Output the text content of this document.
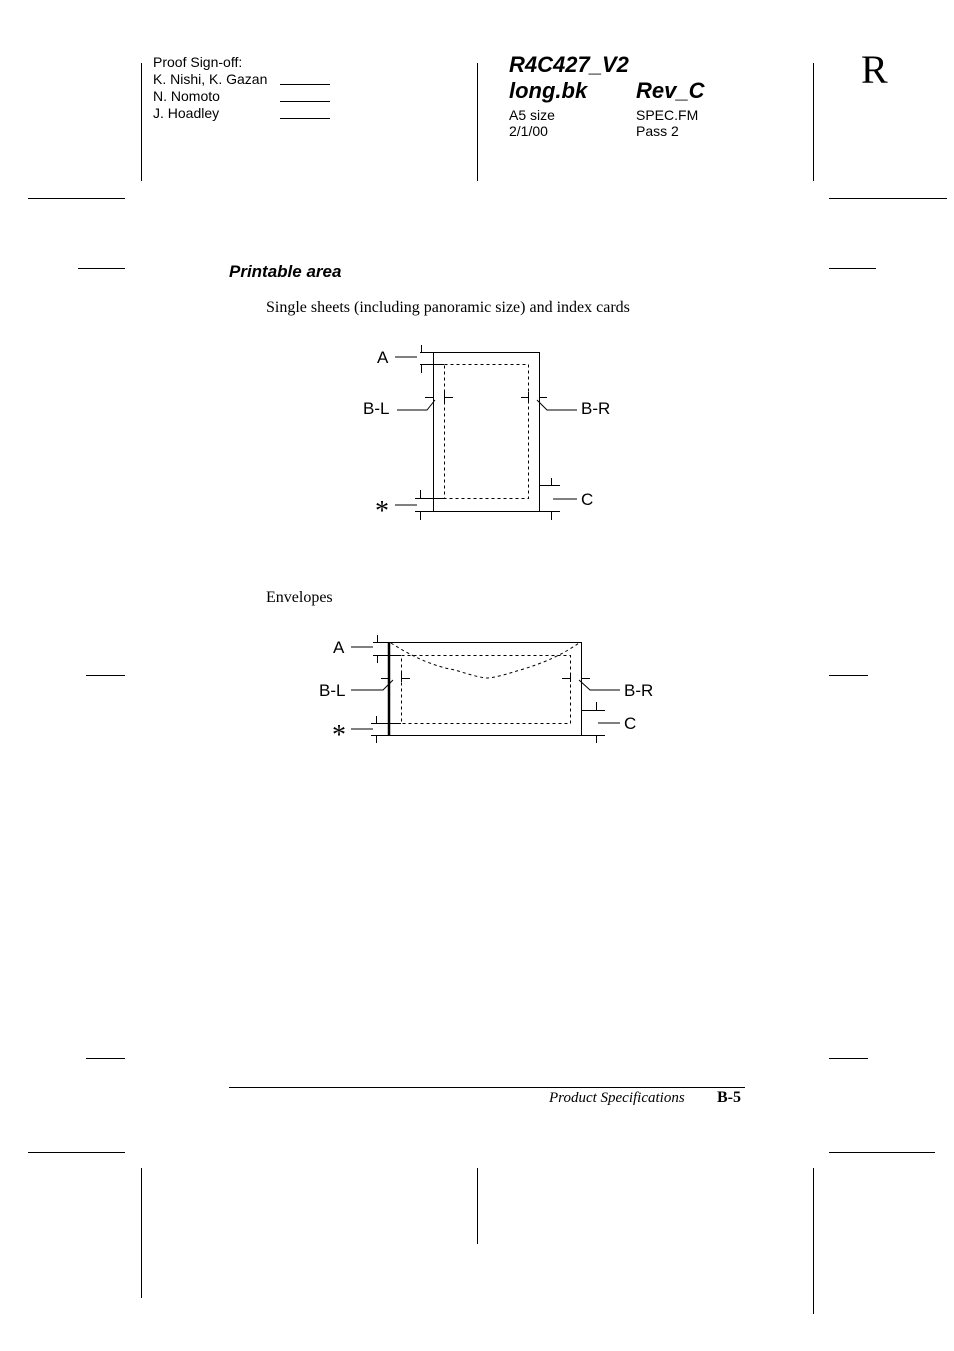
Proof Sign-off:
K. Nishi, K. Gazan
N. Nomoto
J. Hoadley
R4C427_V2
long.bk Rev_C
A5 size
2/1/00
SPEC.FM
Pass 2
R
Printable area
Single sheets (including panoramic size) and index cards
A
B-L	B-R
C
*
Envelopes
A
B-L	B-R
C
*
Product Specifications B-5
